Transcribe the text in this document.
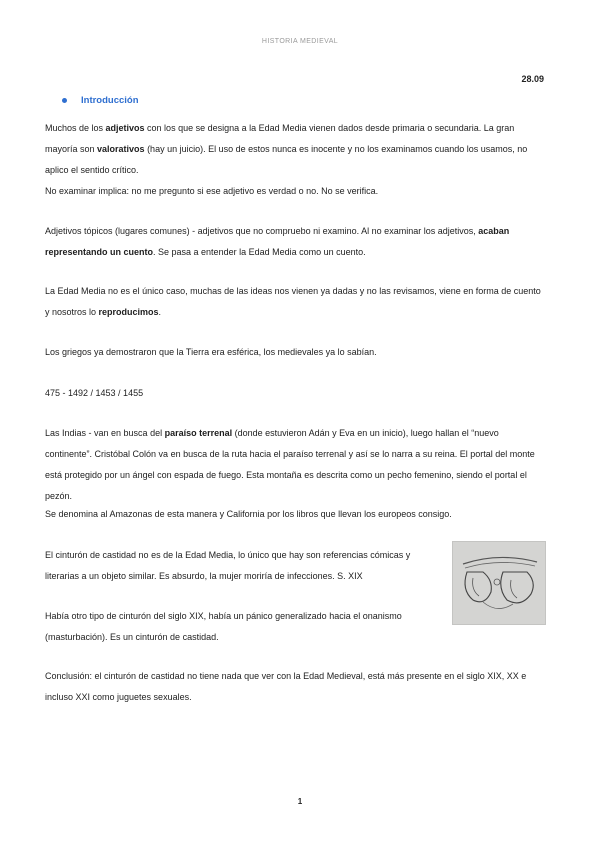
HISTORIA MEDIEVAL
28.09
Introducción
Muchos de los adjetivos con los que se designa a la Edad Media vienen dados desde primaria o secundaria. La gran mayoría son valorativos (hay un juicio). El uso de estos nunca es inocente y no los examinamos cuando los usamos, no aplico el sentido crítico.
No examinar implica: no me pregunto si ese adjetivo es verdad o no. No se verifica.
Adjetivos tópicos (lugares comunes) - adjetivos que no compruebo ni examino. Al no examinar los adjetivos, acaban representando un cuento. Se pasa a entender la Edad Media como un cuento.
La Edad Media no es el único caso, muchas de las ideas nos vienen ya dadas y no las revisamos, viene en forma de cuento y nosotros lo reproducimos.
Los griegos ya demostraron que la Tierra era esférica, los medievales ya lo sabían.
475 - 1492 / 1453 / 1455
Las Indias - van en busca del paraíso terrenal (donde estuvieron Adán y Eva en un inicio), luego hallan el “nuevo continente”. Cristóbal Colón va en busca de la ruta hacia el paraíso terrenal y así se lo narra a su reina. El portal del monte está protegido por un ángel con espada de fuego. Esta montaña es descrita como un pecho femenino, siendo el portal el pezón.
Se denomina al Amazonas de esta manera y California por los libros que llevan los europeos consigo.
El cinturón de castidad no es de la Edad Media, lo único que hay son referencias cómicas y literarias a un objeto similar. Es absurdo, la mujer moriría de infecciones. S. XIX
Había otro tipo de cinturón del siglo XIX, había un pánico generalizado hacia el onanismo (masturbación). Es un cinturón de castidad.
Conclusión: el cinturón de castidad no tiene nada que ver con la Edad Medieval, está más presente en el siglo XIX, XX e incluso XXI como juguetes sexuales.
1
